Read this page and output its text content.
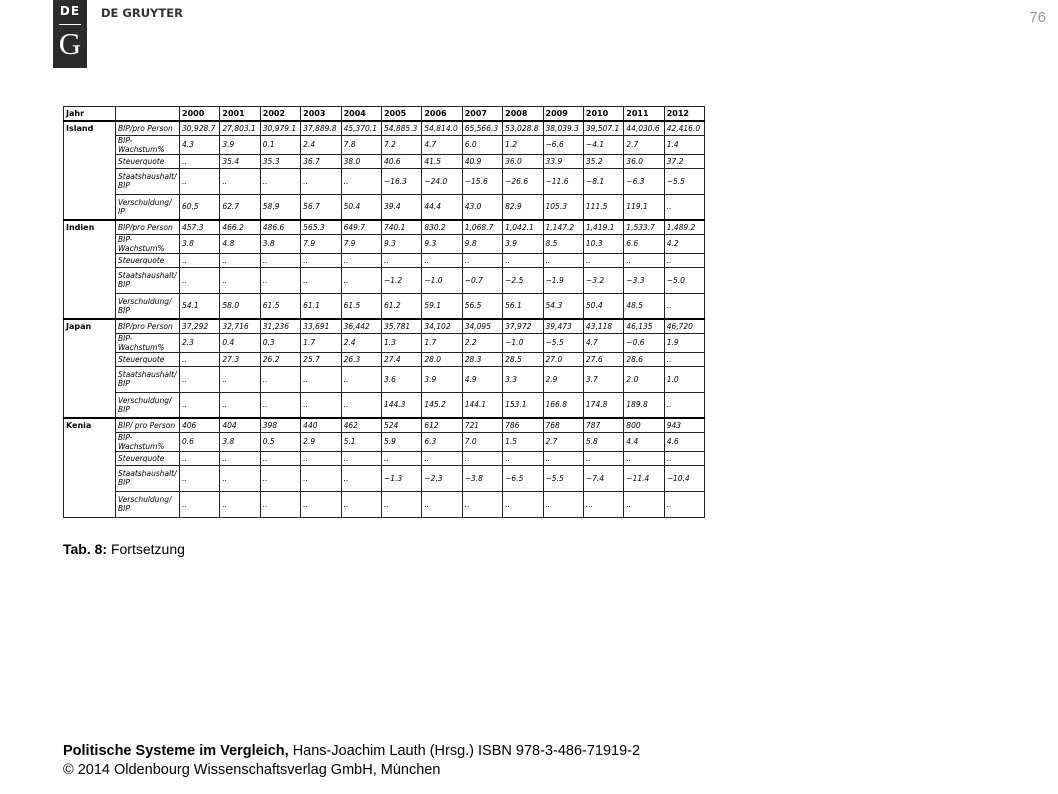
DE
G
DE GRUYTER	76
Jahr		2000	2001	2002	2003	2004	2005	2006	2007	2008	2009	2010	2011	2012
Island	BIP/pro Person	30,928.7	27,803.1	30,979.1	37,889.8	45,370.1	54,885.3	54,814.0	65,566.3	53,028.8	38,039.3	39,507.1	44,030.6	42,416.0
	BIP-Wachstum%	4.3	3.9	0.1	2.4	7.8	7.2	4.7	6.0	1.2	−6.6	−4.1	2.7	1.4
	Steuerquote	..	35.4	35.3	36.7	38.0	40.6	41.5	40.9	36.0	33.9	35.2	36.0	37.2
	Staatshaushalt/ BIP	..	..	..	..	..	−16.3	−24.0	−15.6	−26.6	−11.6	−8.1	−6.3	−5.5
	Verschuldung/ IP	60.5	62.7	58.9	56.7	50.4	39.4	44.4	43.0	82.9	105.3	111.5	119.1	..
Indien	BIP/pro Person	457.3	466.2	486.6	565.3	649.7	740.1	830.2	1,068.7	1,042.1	1,147.2	1,419.1	1,533.7	1,489.2
	BIP-Wachstum%	3.8	4.8	3.8	7.9	7.9	9.3	9.3	9.8	3.9	8.5	10.3	6.6	4.2
	Steuerquote	..	..	..	..	..	..	..	..	..	..	..	..	..
	Staatshaushalt/ BIP	..	..	..	..	..	−1.2	−1.0	−0.7	−2.5	−1.9	−3.2	−3.3	−5.0
	Verschuldung/ BIP	54.1	58.0	61.5	61.1	61.5	61.2	59.1	56.5	56.1	54.3	50.4	48.5	..
Japan	BIP/pro Person	37,292	32,716	31,236	33,691	36,442	35,781	34,102	34,095	37,972	39,473	43,118	46,135	46,720
	BIP-Wachstum%	2.3	0.4	0.3	1.7	2.4	1.3	1.7	2.2	−1.0	−5.5	4.7	−0.6	1.9
	Steuerquote	..	27.3	26.2	25.7	26.3	27.4	28.0	28.3	28.5	27.0	27.6	28.6	..
	Staatshaushalt/ BIP	..	..	..	..	..	3.6	3.9	4.9	3.3	2.9	3.7	2.0	1.0
	Verschuldung/ BIP	..	..	..	..	..	144.3	145.2	144.1	153.1	166.8	174.8	189.8	..
Kenia	BIP/ pro Person	406	404	398	440	462	524	612	721	786	768	787	800	943
	BIP-Wachstum%	0.6	3.8	0.5	2.9	5.1	5.9	6.3	7.0	1.5	2.7	5.8	4.4	4.6
	Steuerquote	..	..	..	..	..	..	..	..	..	..	..	..	..
	Staatshaushalt/ BIP	..	..	..	..	..	−1.3	−2.3	−3.8	−6.5	−5.5	−7.4	−11.4	−10.4
	Verschuldung/ BIP	..	..	..	..	..	..	..	..	..	..	...	..	..
Tab. 8: Fortsetzung
Politische Systeme im Vergleich, Hans-Joachim Lauth (Hrsg.) ISBN 978-3-486-71919-2
© 2014 Oldenbourg Wissenschaftsverlag GmbH, Mu̇nchen
